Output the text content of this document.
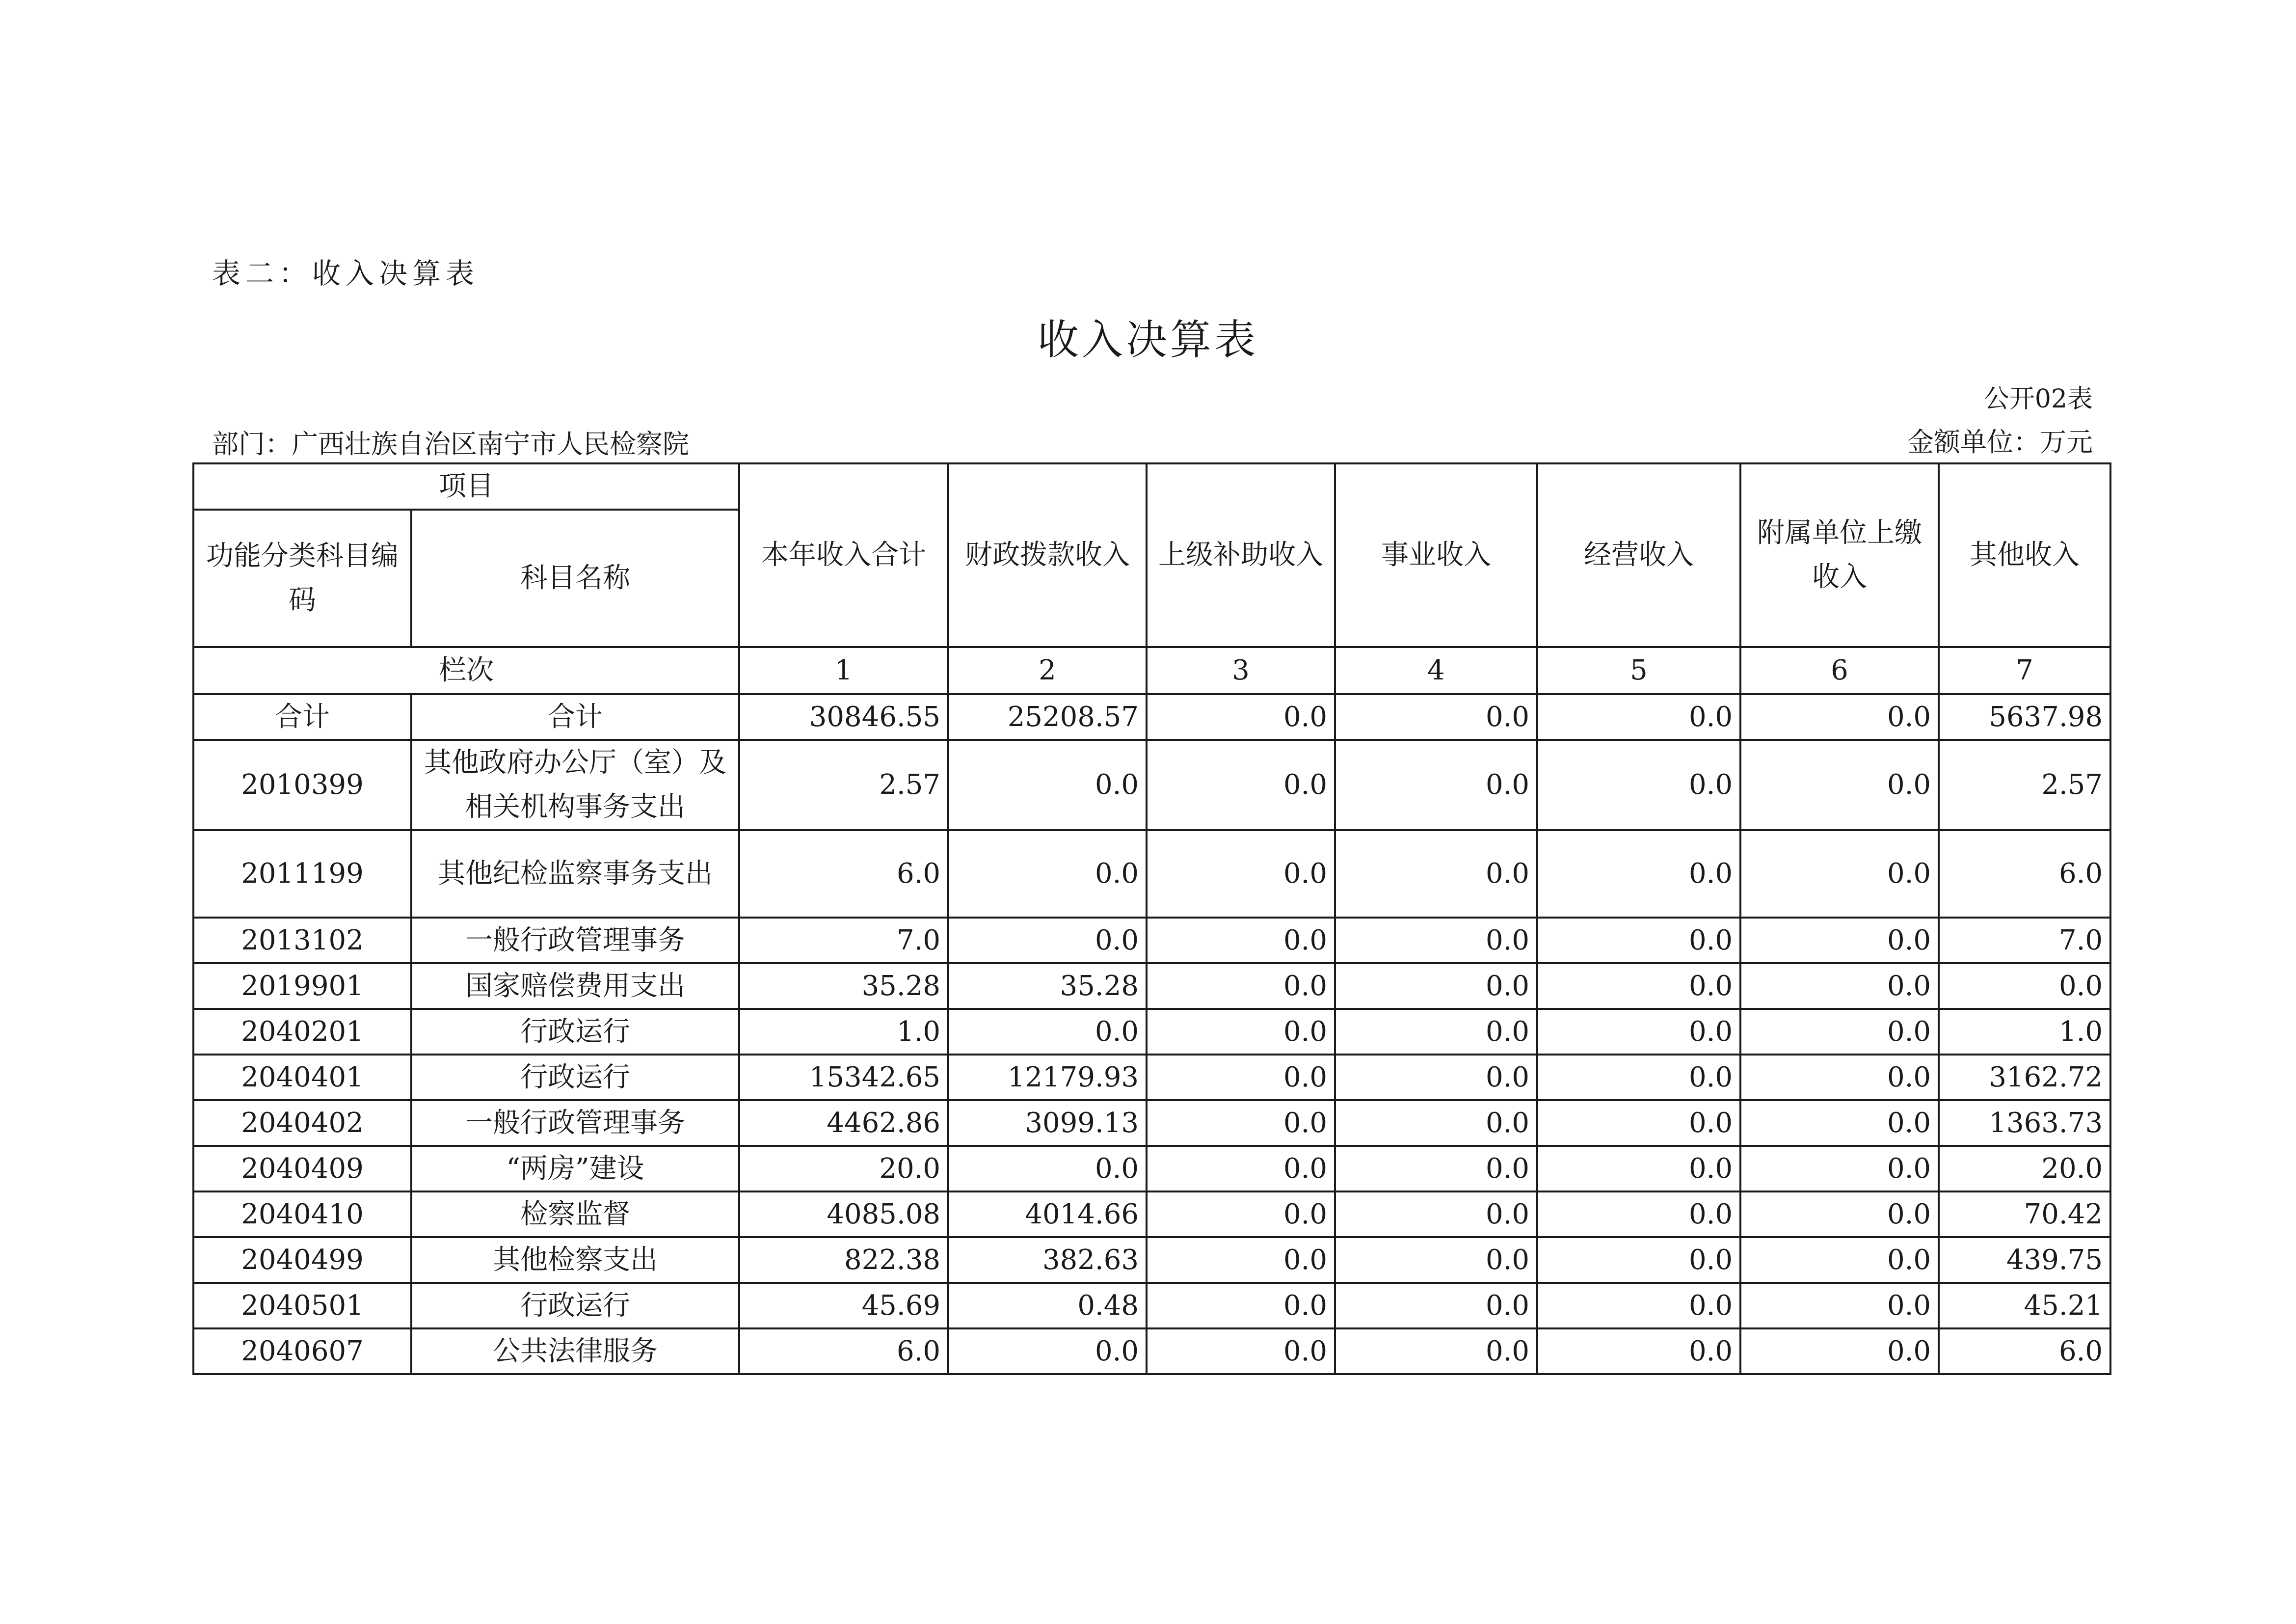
表二：收入决算表
收入决算表
公开02表
部门：广西壮族自治区南宁市人民检察院	金额单位：万元
项目		本年收入合计	财政拨款收入	上级补助收入	事业收入	经营收入	附属单位上缴收入	其他收入
功能分类科目编码	科目名称							
栏次		1	2	3	4	5	6	7
合计	合计	30846.55	25208.57	0.0	0.0	0.0	0.0	5637.98
2010399	其他政府办公厅（室）及相关机构事务支出	2.57	0.0	0.0	0.0	0.0	0.0	2.57
2011199	其他纪检监察事务支出	6.0	0.0	0.0	0.0	0.0	0.0	6.0
2013102	一般行政管理事务	7.0	0.0	0.0	0.0	0.0	0.0	7.0
2019901	国家赔偿费用支出	35.28	35.28	0.0	0.0	0.0	0.0	0.0
2040201	行政运行	1.0	0.0	0.0	0.0	0.0	0.0	1.0
2040401	行政运行	15342.65	12179.93	0.0	0.0	0.0	0.0	3162.72
2040402	一般行政管理事务	4462.86	3099.13	0.0	0.0	0.0	0.0	1363.73
2040409	“两房”建设	20.0	0.0	0.0	0.0	0.0	0.0	20.0
2040410	检察监督	4085.08	4014.66	0.0	0.0	0.0	0.0	70.42
2040499	其他检察支出	822.38	382.63	0.0	0.0	0.0	0.0	439.75
2040501	行政运行	45.69	0.48	0.0	0.0	0.0	0.0	45.21
2040607	公共法律服务	6.0	0.0	0.0	0.0	0.0	0.0	6.0
